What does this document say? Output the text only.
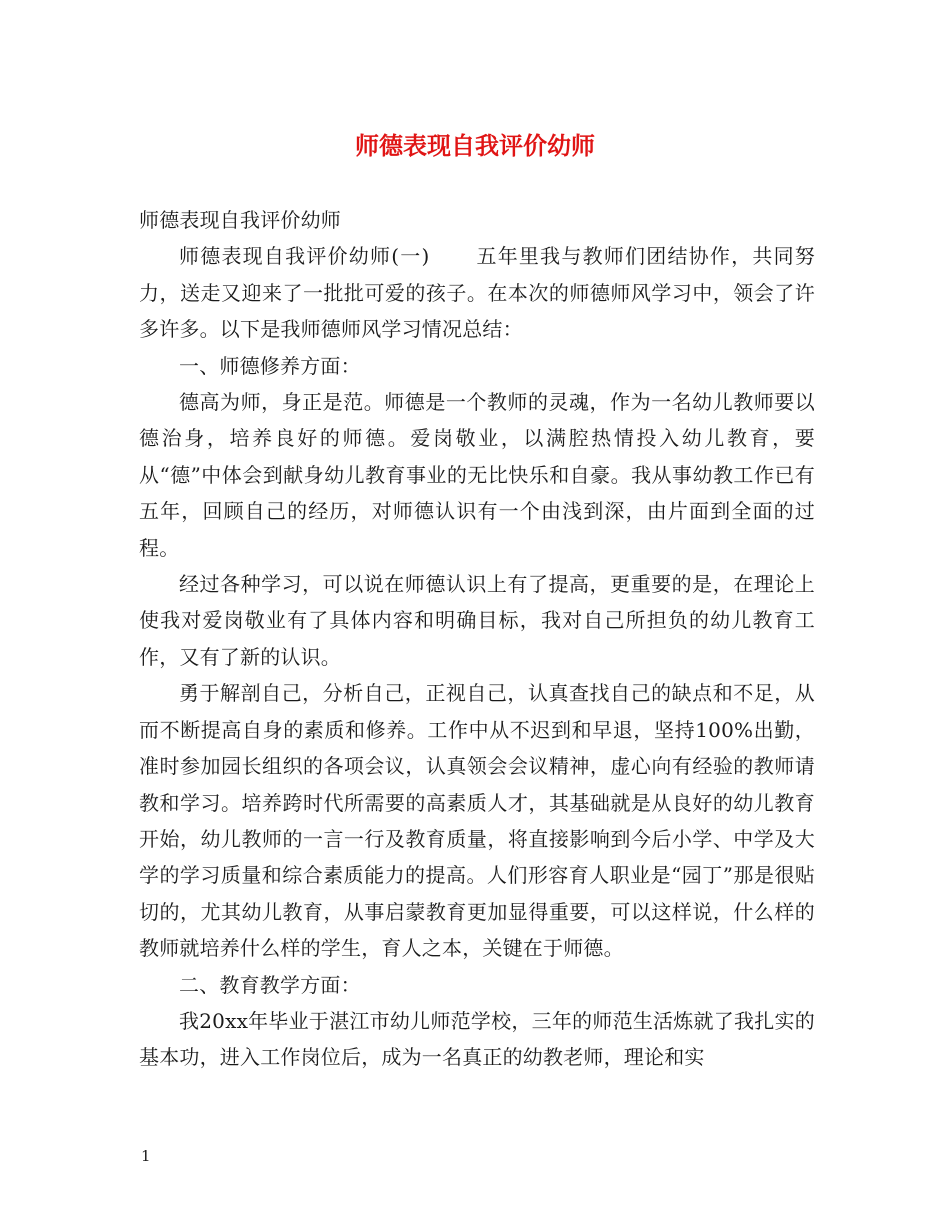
师德表现自我评价幼师

师德表现自我评价幼师

师德表现自我评价幼师(一) 五年里我与教师们团结协作，共同努力，送走又迎来了一批批可爱的孩子。在本次的师德师风学习中，领会了许多许多。以下是我师德师风学习情况总结：

一、师德修养方面：

德高为师，身正是范。师德是一个教师的灵魂，作为一名幼儿教师要以德治身，培养良好的师德。爱岗敬业，以满腔热情投入幼儿教育，要从“德”中体会到献身幼儿教育事业的无比快乐和自豪。我从事幼教工作已有五年，回顾自己的经历，对师德认识有一个由浅到深，由片面到全面的过程。

经过各种学习，可以说在师德认识上有了提高，更重要的是，在理论上使我对爱岗敬业有了具体内容和明确目标，我对自己所担负的幼儿教育工作，又有了新的认识。

勇于解剖自己，分析自己，正视自己，认真查找自己的缺点和不足，从而不断提高自身的素质和修养。工作中从不迟到和早退，坚持100%出勤，准时参加园长组织的各项会议，认真领会会议精神，虚心向有经验的教师请教和学习。培养跨时代所需要的高素质人才，其基础就是从良好的幼儿教育开始，幼儿教师的一言一行及教育质量，将直接影响到今后小学、中学及大学的学习质量和综合素质能力的提高。人们形容育人职业是“园丁”那是很贴切的，尤其幼儿教育，从事启蒙教育更加显得重要，可以这样说，什么样的教师就培养什么样的学生，育人之本，关键在于师德。

二、教育教学方面：

我20xx年毕业于湛江市幼儿师范学校，三年的师范生活炼就了我扎实的基本功，进入工作岗位后，成为一名真正的幼教老师，理论和实

1
